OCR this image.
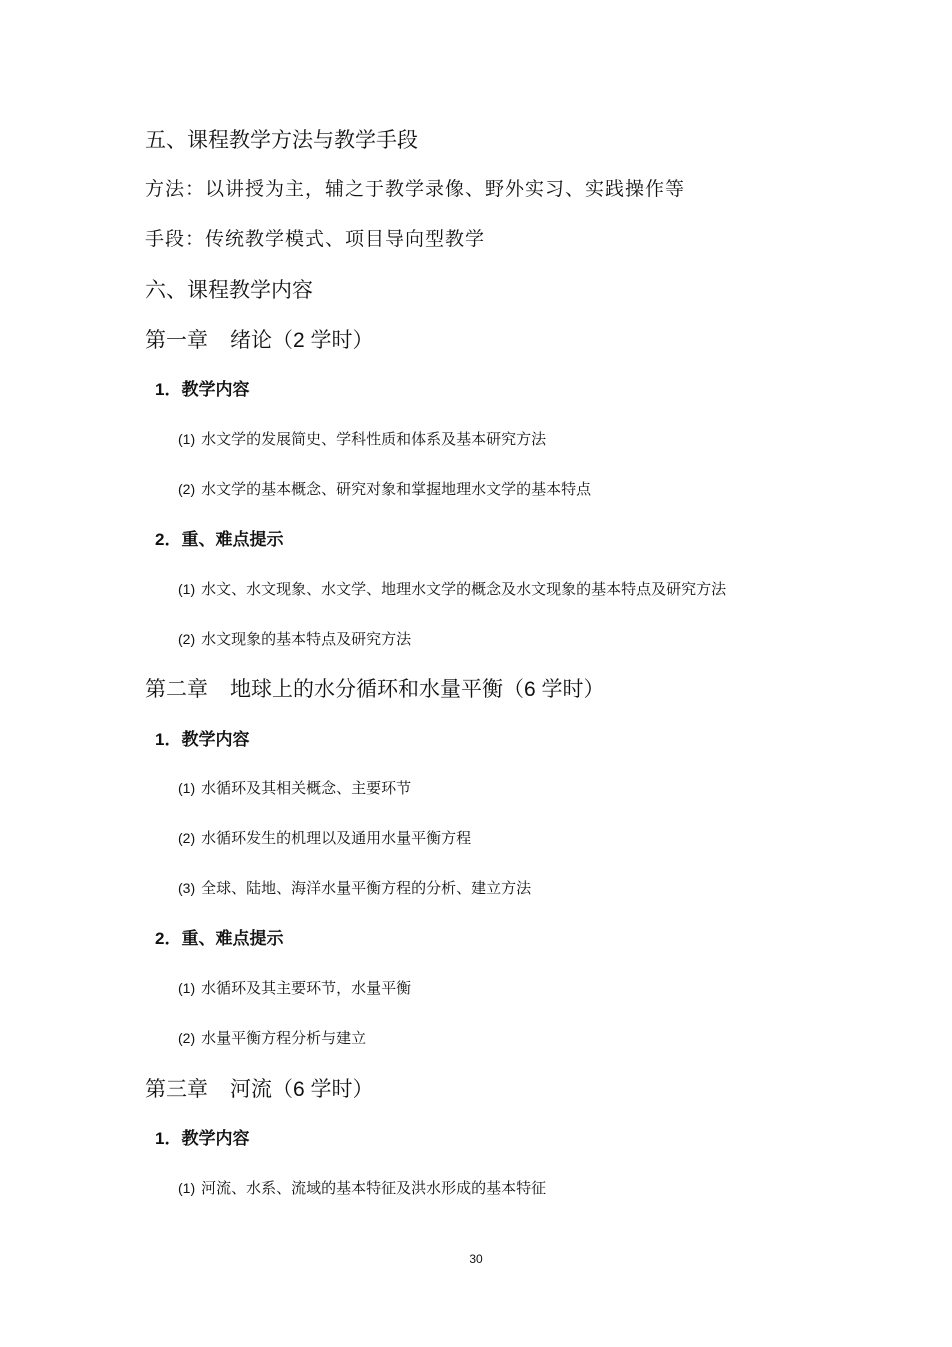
五、课程教学方法与教学手段
方法：以讲授为主，辅之于教学录像、野外实习、实践操作等
手段：传统教学模式、项目导向型教学
六、课程教学内容
第一章 绪论（2 学时）
1．教学内容
(1) 水文学的发展简史、学科性质和体系及基本研究方法
(2) 水文学的基本概念、研究对象和掌握地理水文学的基本特点
2．重、难点提示
(1) 水文、水文现象、水文学、地理水文学的概念及水文现象的基本特点及研究方法
(2) 水文现象的基本特点及研究方法
第二章 地球上的水分循环和水量平衡（6 学时）
1．教学内容
(1) 水循环及其相关概念、主要环节
(2) 水循环发生的机理以及通用水量平衡方程
(3) 全球、陆地、海洋水量平衡方程的分析、建立方法
2．重、难点提示
(1) 水循环及其主要环节，水量平衡
(2) 水量平衡方程分析与建立
第三章 河流（6 学时）
1．教学内容
(1) 河流、水系、流域的基本特征及洪水形成的基本特征
30
